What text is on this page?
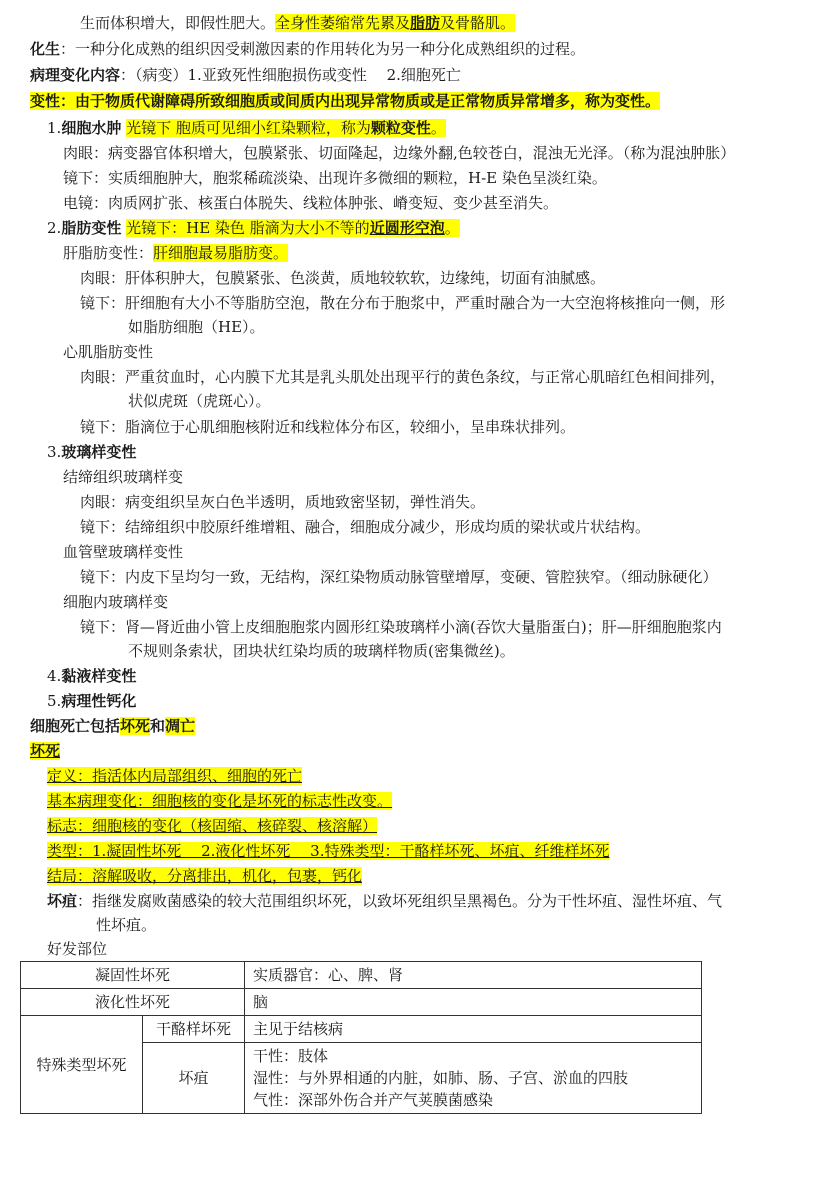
生而体积增大，即假性肥大。全身性萎缩常先累及脂肪及骨骼肌。
化生：一种分化成熟的组织因受刺激因素的作用转化为另一种分化成熟组织的过程。
病理变化内容：（病变）1.亚致死性细胞损伤或变性　 2.细胞死亡
变性：由于物质代谢障碍所致细胞质或间质内出现异常物质或是正常物质异常增多，称为变性。
1.细胞水肿 光镜下 胞质可见细小红染颗粒，称为颗粒变性。
肉眼：病变器官体积增大，包膜紧张、切面隆起，边缘外翻,色较苍白，混浊无光泽。（称为混浊肿胀）
镜下：实质细胞肿大，胞浆稀疏淡染、出现许多微细的颗粒，H-E 染色呈淡红染。
电镜：肉质网扩张、核蛋白体脱失、线粒体肿张、嵴变短、变少甚至消失。
2.脂肪变性 光镜下：HE 染色 脂滴为大小不等的近圆形空泡。
肝脂肪变性：肝细胞最易脂肪变。
肉眼：肝体积肿大，包膜紧张、色淡黄，质地较软软，边缘纯，切面有油腻感。
镜下：肝细胞有大小不等脂肪空泡，散在分布于胞浆中，严重时融合为一大空泡将核推向一侧，形
如脂肪细胞（HE）。
心肌脂肪变性
肉眼：严重贫血时，心内膜下尤其是乳头肌处出现平行的黄色条纹，与正常心肌暗红色相间排列，
状似虎斑（虎斑心）。
镜下：脂滴位于心肌细胞核附近和线粒体分布区，较细小，呈串珠状排列。
3.玻璃样变性
结缔组织玻璃样变
肉眼：病变组织呈灰白色半透明，质地致密坚韧，弹性消失。
镜下：结缔组织中胶原纤维增粗、融合，细胞成分减少，形成均质的梁状或片状结构。
血管壁玻璃样变性
镜下：内皮下呈均匀一致，无结构，深红染物质动脉管壁增厚，变硬、管腔狭窄。（细动脉硬化）
细胞内玻璃样变
镜下：肾—肾近曲小管上皮细胞胞浆内圆形红染玻璃样小滴(吞饮大量脂蛋白)；肝—肝细胞胞浆内
不规则条索状，团块状红染均质的玻璃样物质(密集微丝)。
4.黏液样变性
5.病理性钙化
细胞死亡包括坏死和凋亡
坏死
定义：指活体内局部组织、细胞的死亡
基本病理变化：细胞核的变化是坏死的标志性改变。
标志：细胞核的变化（核固缩、核碎裂、核溶解）
类型：1.凝固性坏死　 2.液化性坏死　 3.特殊类型：干酪样坏死、坏疽、纤维样坏死
结局：溶解吸收，分离排出，机化，包裹，钙化
坏疽：指继发腐败菌感染的较大范围组织坏死，以致坏死组织呈黑褐色。分为干性坏疽、湿性坏疽、气
性坏疽。
好发部位
凝固性坏死		实质器官：心、脾、肾
液化性坏死		脑
特殊类型坏死	干酪样坏死	主见于结核病
	坏疽	干性：肢体
湿性：与外界相通的内脏，如肺、肠、子宫、淤血的四肢
气性：深部外伤合并产气荚膜菌感染
